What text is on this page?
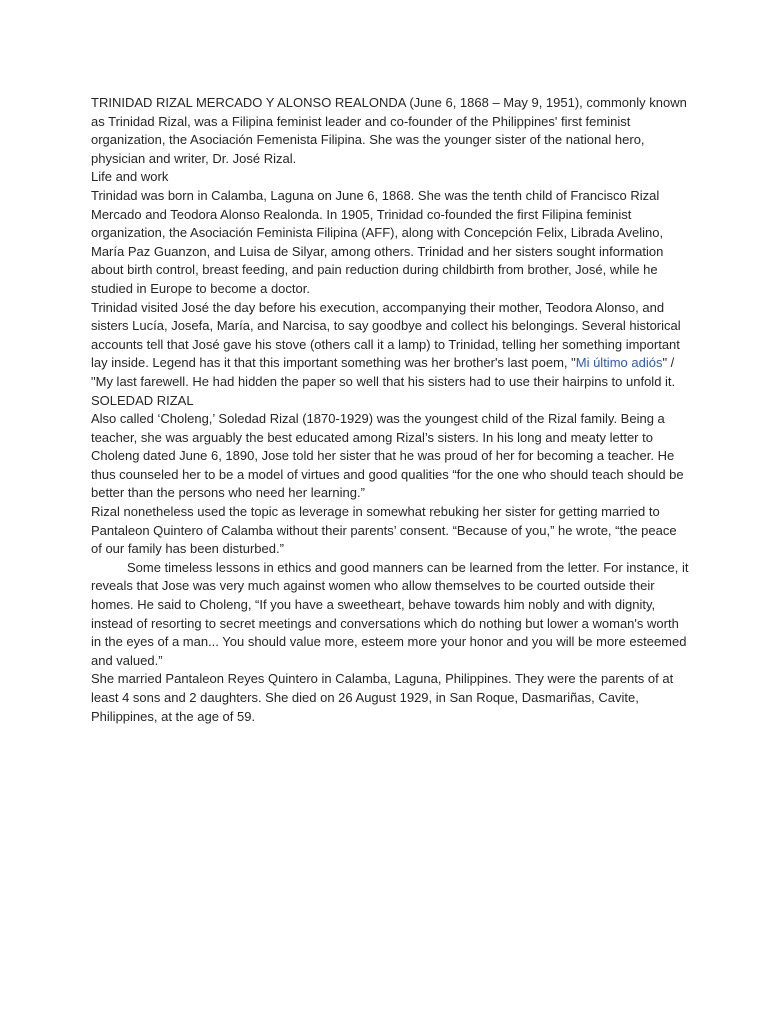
TRINIDAD RIZAL MERCADO Y ALONSO REALONDA (June 6, 1868 – May 9, 1951), commonly known as Trinidad Rizal, was a Filipina feminist leader and co-founder of the Philippines' first feminist organization, the Asociación Femenista Filipina. She was the younger sister of the national hero, physician and writer, Dr. José Rizal.

Life and work

Trinidad was born in Calamba, Laguna on June 6, 1868. She was the tenth child of Francisco Rizal Mercado and Teodora Alonso Realonda. In 1905, Trinidad co-founded the first Filipina feminist organization, the Asociación Feminista Filipina (AFF), along with Concepción Felix, Librada Avelino, María Paz Guanzon, and Luisa de Silyar, among others. Trinidad and her sisters sought information about birth control, breast feeding, and pain reduction during childbirth from brother, José, while he studied in Europe to become a doctor.

Trinidad visited José the day before his execution, accompanying their mother, Teodora Alonso, and sisters Lucía, Josefa, María, and Narcisa, to say goodbye and collect his belongings. Several historical accounts tell that José gave his stove (others call it a lamp) to Trinidad, telling her something important lay inside. Legend has it that this important something was her brother's last poem, "Mi último adiós" / "My last farewell. He had hidden the paper so well that his sisters had to use their hairpins to unfold it.

SOLEDAD RIZAL

Also called ‘Choleng,’ Soledad Rizal (1870-1929) was the youngest child of the Rizal family. Being a teacher, she was arguably the best educated among Rizal’s sisters. In his long and meaty letter to Choleng dated June 6, 1890, Jose told her sister that he was proud of her for becoming a teacher. He thus counseled her to be a model of virtues and good qualities “for the one who should teach should be better than the persons who need her learning.”

Rizal nonetheless used the topic as leverage in somewhat rebuking her sister for getting married to Pantaleon Quintero of Calamba without their parents’ consent. “Because of you,” he wrote, “the peace of our family has been disturbed.”

Some timeless lessons in ethics and good manners can be learned from the letter. For instance, it reveals that Jose was very much against women who allow themselves to be courted outside their homes. He said to Choleng, “If you have a sweetheart, behave towards him nobly and with dignity, instead of resorting to secret meetings and conversations which do nothing but lower a woman's worth in the eyes of a man... You should value more, esteem more your honor and you will be more esteemed and valued.”

She married Pantaleon Reyes Quintero in Calamba, Laguna, Philippines. They were the parents of at least 4 sons and 2 daughters. She died on 26 August 1929, in San Roque, Dasmariñas, Cavite, Philippines, at the age of 59.
